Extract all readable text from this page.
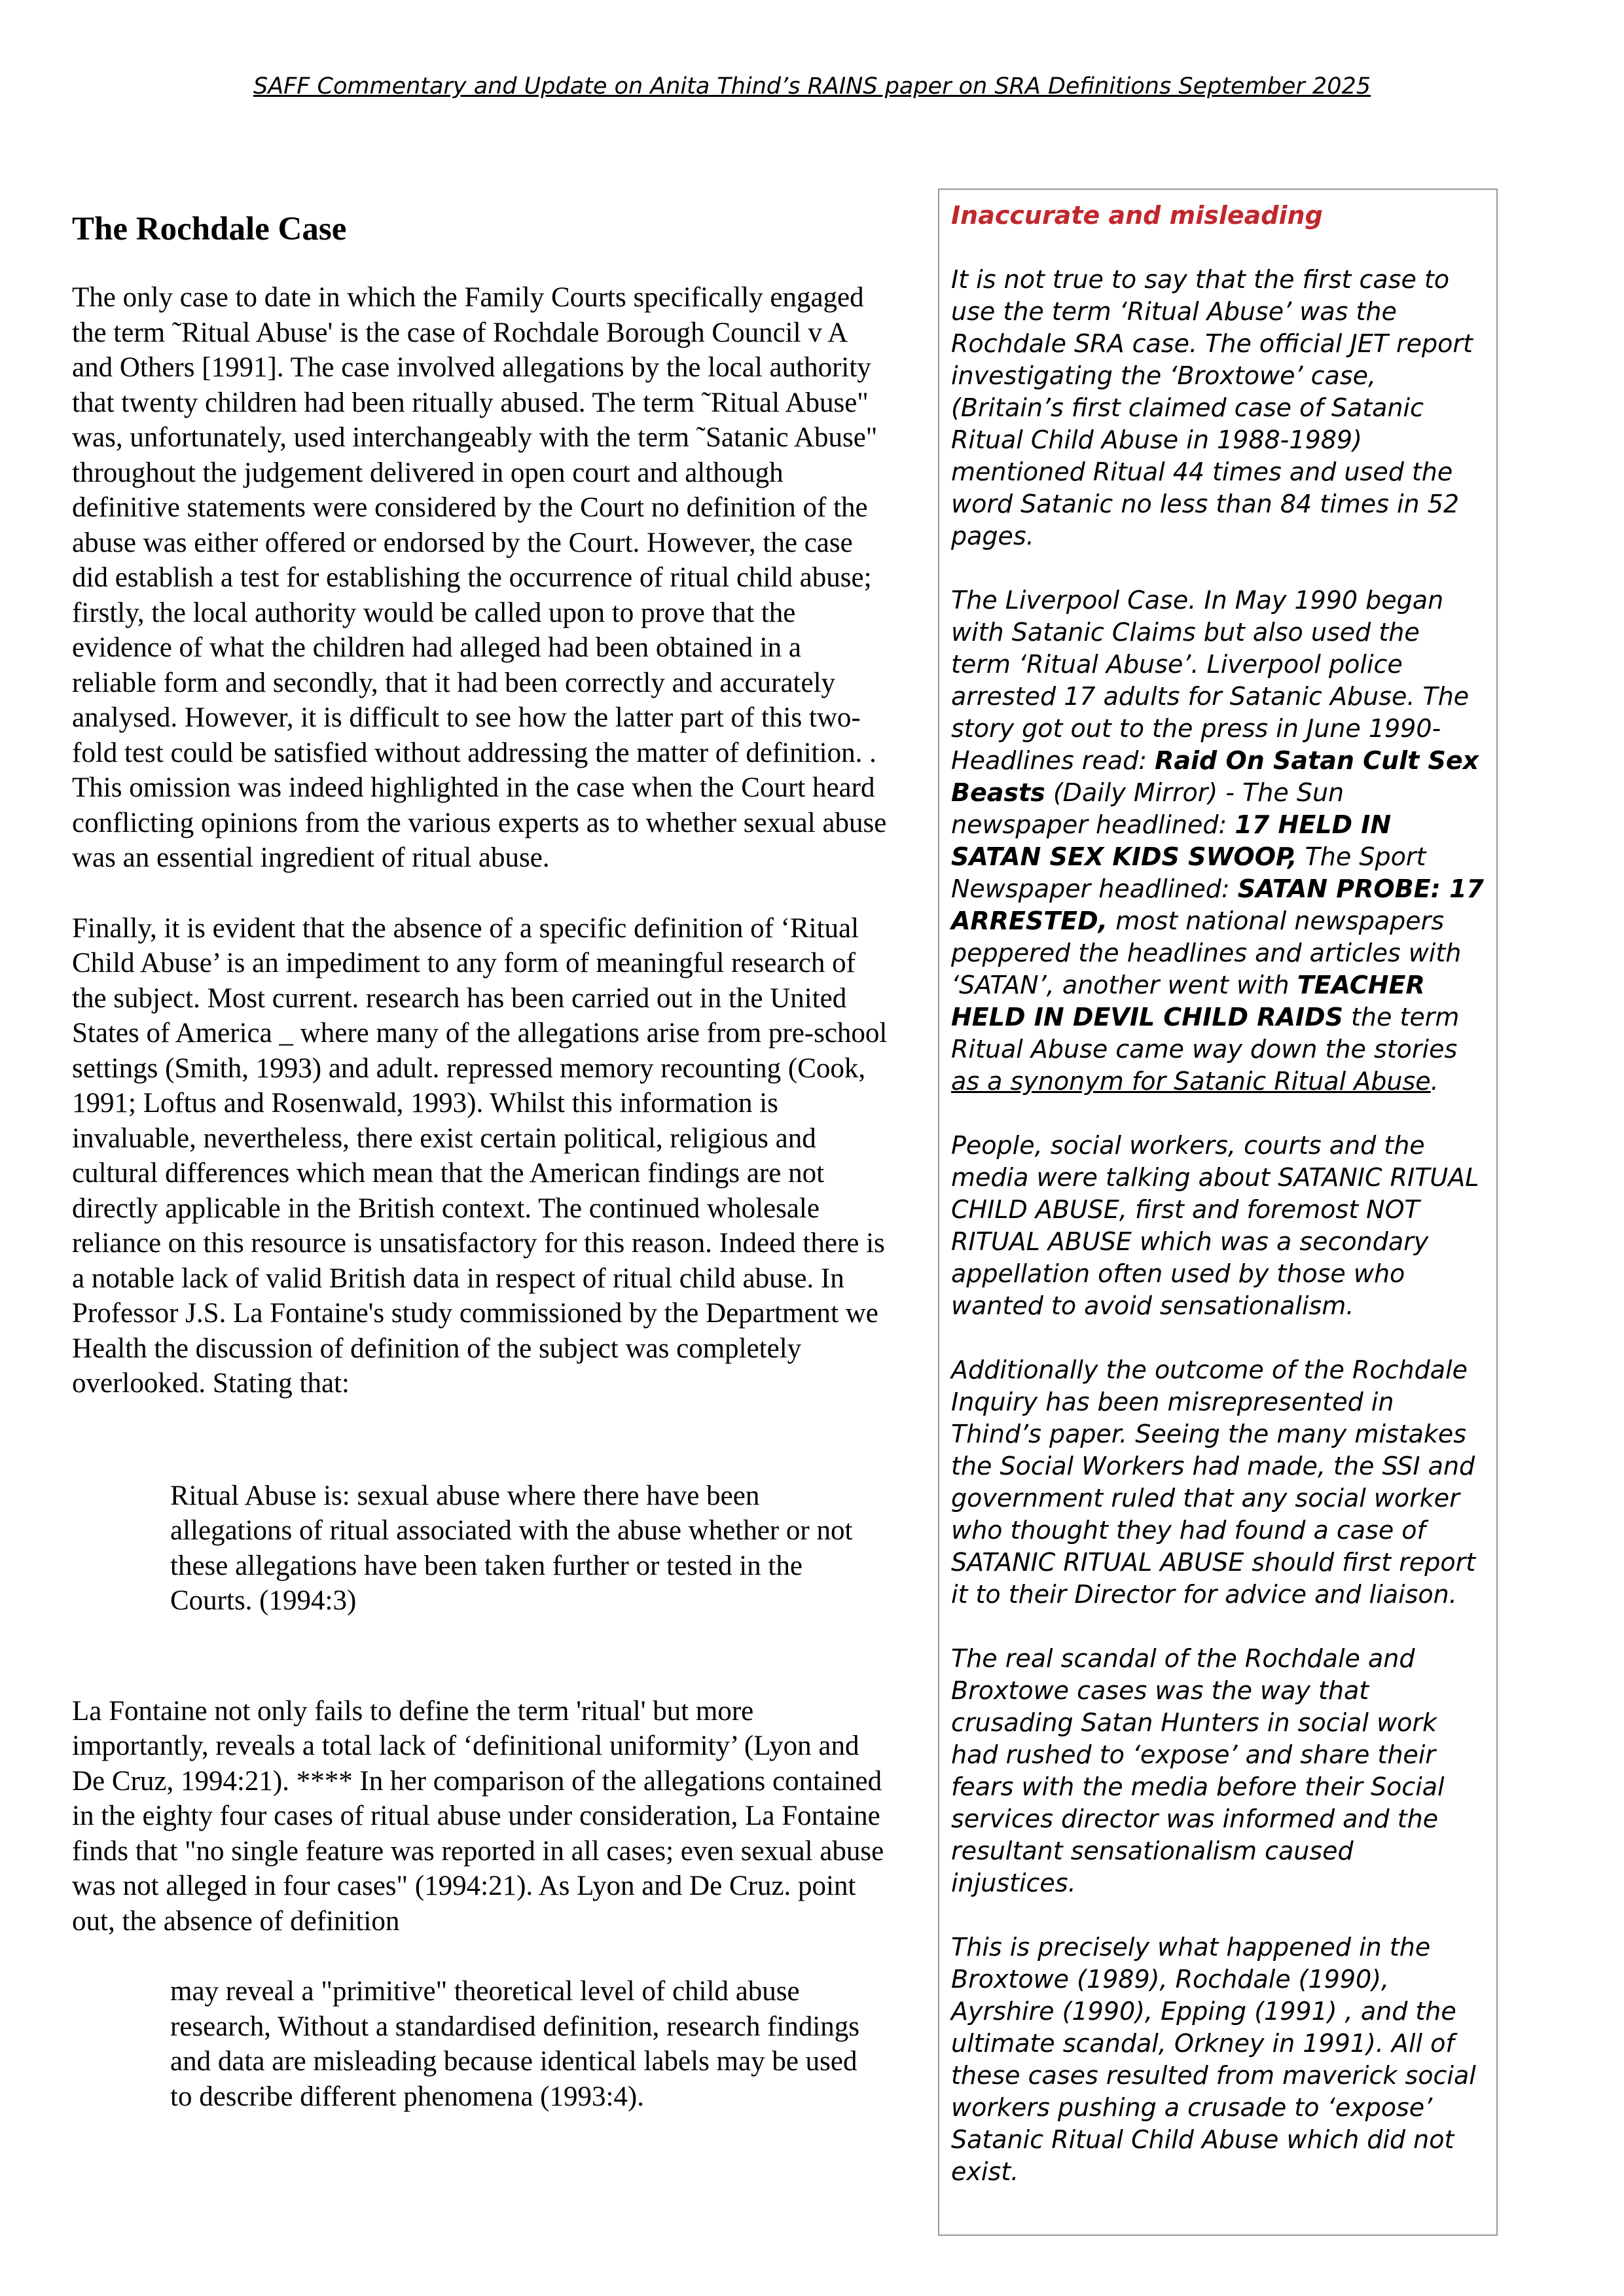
SAFF Commentary and Update on Anita Thind’s RAINS paper on SRA Definitions September 2025
The Rochdale Case

The only case to date in which the Family Courts specifically engaged the term ˜Ritual Abuse' is the case of Rochdale Borough Council v A and Others [1991]. The case involved allegations by the local authority that twenty children had been ritually abused. The term ˜Ritual Abuse" was, unfortunately, used interchangeably with the term ˜Satanic Abuse" throughout the judgement delivered in open court and although definitive statements were considered by the Court no definition of the abuse was either offered or endorsed by the Court. However, the case did establish a test for establishing the occurrence of ritual child abuse; firstly, the local authority would be called upon to prove that the evidence of what the children had alleged had been obtained in a reliable form and secondly, that it had been correctly and accurately analysed. However, it is difficult to see how the latter part of this two-fold test could be satisfied without addressing the matter of definition. . This omission was indeed highlighted in the case when the Court heard conflicting opinions from the various experts as to whether sexual abuse was an essential ingredient of ritual abuse.

Finally, it is evident that the absence of a specific definition of ‘Ritual Child Abuse’ is an impediment to any form of meaningful research of the subject. Most current. research has been carried out in the United States of America _ where many of the allegations arise from pre-school settings (Smith, 1993) and adult. repressed memory recounting (Cook, 1991; Loftus and Rosenwald, 1993). Whilst this information is invaluable, nevertheless, there exist certain political, religious and cultural differences which mean that the American findings are not directly applicable in the British context. The continued wholesale reliance on this resource is unsatisfactory for this reason. Indeed there is a notable lack of valid British data in respect of ritual child abuse. In Professor J.S. La Fontaine's study commissioned by the Department we Health the discussion of definition of the subject was completely overlooked. Stating that:

Ritual Abuse is: sexual abuse where there have been allegations of ritual associated with the abuse whether or not these allegations have been taken further or tested in the Courts. (1994:3)

La Fontaine not only fails to define the term 'ritual' but more importantly, reveals a total lack of ‘definitional uniformity’ (Lyon and De Cruz, 1994:21). **** In her comparison of the allegations contained in the eighty four cases of ritual abuse under consideration, La Fontaine finds that "no single feature was reported in all cases; even sexual abuse was not alleged in four cases" (1994:21). As Lyon and De Cruz. point out, the absence of definition

may reveal a "primitive" theoretical level of child abuse research, Without a standardised definition, research findings and data are misleading because identical labels may be used to describe different phenomena (1993:4).

Inaccurate and misleading

It is not true to say that the first case to use the term ‘Ritual Abuse’ was the Rochdale SRA case. The official JET report investigating the ‘Broxtowe’ case, (Britain’s first claimed case of Satanic Ritual Child Abuse in 1988-1989) mentioned Ritual 44 times and used the word Satanic no less than 84 times in 52 pages.

The Liverpool Case. In May 1990 began with Satanic Claims but also used the term ‘Ritual Abuse’. Liverpool police arrested 17 adults for Satanic Abuse. The story got out to the press in June 1990- Headlines read: Raid On Satan Cult Sex Beasts (Daily Mirror) - The Sun newspaper headlined: 17 HELD IN SATAN SEX KIDS SWOOP, The Sport Newspaper headlined: SATAN PROBE: 17 ARRESTED, most national newspapers peppered the headlines and articles with ‘SATAN’, another went with TEACHER HELD IN DEVIL CHILD RAIDS the term Ritual Abuse came way down the stories as a synonym for Satanic Ritual Abuse.

People, social workers, courts and the media were talking about SATANIC RITUAL CHILD ABUSE, first and foremost NOT RITUAL ABUSE which was a secondary appellation often used by those who wanted to avoid sensationalism.

Additionally the outcome of the Rochdale Inquiry has been misrepresented in Thind’s paper. Seeing the many mistakes the Social Workers had made, the SSI and government ruled that any social worker who thought they had found a case of SATANIC RITUAL ABUSE should first report it to their Director for advice and liaison.

The real scandal of the Rochdale and Broxtowe cases was the way that crusading Satan Hunters in social work had rushed to ‘expose’ and share their fears with the media before their Social services director was informed and the resultant sensationalism caused injustices.

This is precisely what happened in the Broxtowe (1989), Rochdale (1990), Ayrshire (1990), Epping (1991) , and the ultimate scandal, Orkney in 1991). All of these cases resulted from maverick social workers pushing a crusade to ‘expose’ Satanic Ritual Child Abuse which did not exist.
